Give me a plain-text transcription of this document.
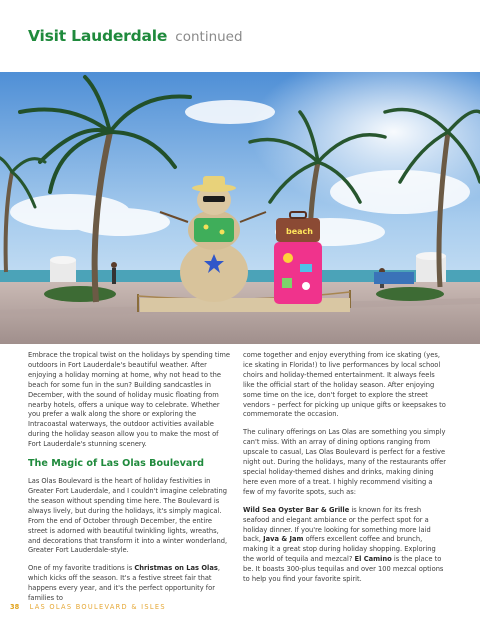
Visit Lauderdale continued
beach

Embrace the tropical twist on the holidays by spending time outdoors in Fort Lauderdale's beautiful weather. After enjoying a holiday morning at home, why not head to the beach for some fun in the sun? Building sandcastles in December, with the sound of holiday music floating from nearby hotels, offers a unique way to celebrate. Whether you prefer a walk along the shore or exploring the Intracoastal waterways, the outdoor activities available during the holiday season allow you to make the most of Fort Lauderdale's stunning scenery.

The Magic of Las Olas Boulevard

Las Olas Boulevard is the heart of holiday festivities in Greater Fort Lauderdale, and I couldn't imagine celebrating the season without spending time here. The Boulevard is always lively, but during the holidays, it's simply magical. From the end of October through December, the entire street is adorned with beautiful twinkling lights, wreaths, and decorations that transform it into a winter wonderland, Greater Fort Lauderdale-style.

One of my favorite traditions is Christmas on Las Olas, which kicks off the season. It's a festive street fair that happens every year, and it's the perfect opportunity for families to

come together and enjoy everything from ice skating (yes, ice skating in Florida!) to live performances by local school choirs and holiday-themed entertainment. It always feels like the official start of the holiday season. After enjoying some time on the ice, don't forget to explore the street vendors – perfect for picking up unique gifts or keepsakes to commemorate the occasion.

The culinary offerings on Las Olas are something you simply can't miss. With an array of dining options ranging from upscale to casual, Las Olas Boulevard is perfect for a festive night out. During the holidays, many of the restaurants offer special holiday-themed dishes and drinks, making dining here even more of a treat. I highly recommend visiting a few of my favorite spots, such as:

Wild Sea Oyster Bar & Grille is known for its fresh seafood and elegant ambiance or the perfect spot for a holiday dinner. If you're looking for something more laid back, Java & Jam offers excellent coffee and brunch, making it a great stop during holiday shopping. Exploring the world of tequila and mezcal? El Camino is the place to be. It boasts 300-plus tequilas and over 100 mezcal options to help you find your favorite spirit.

38 LAS OLAS BOULEVARD & ISLES
